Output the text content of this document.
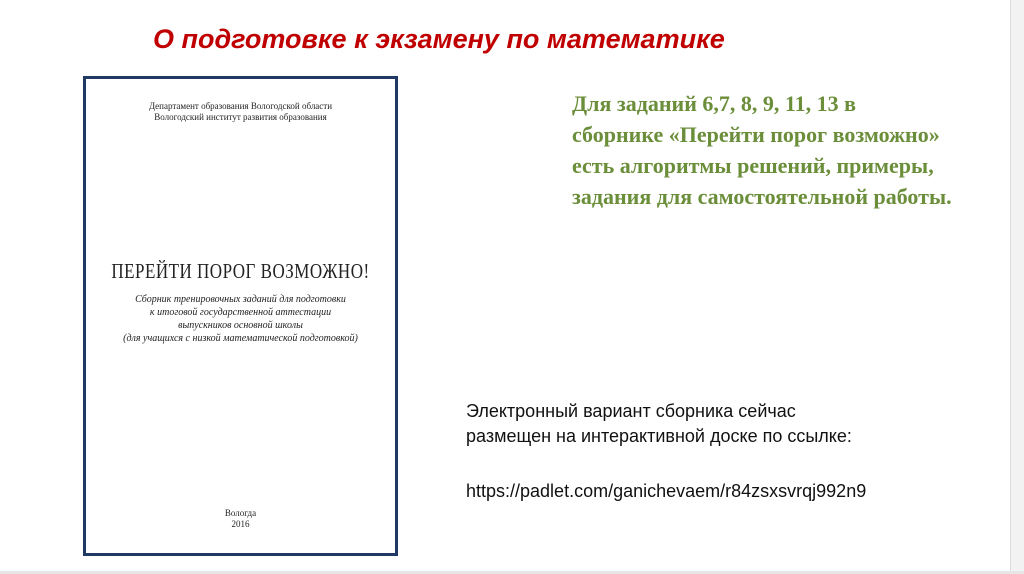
О подготовке к экзамену по математике
Департамент образования Вологодской области
Вологодский институт развития образования
ПЕРЕЙТИ ПОРОГ ВОЗМОЖНО!
Сборник тренировочных заданий для подготовки
к итоговой государственной аттестации
выпускников основной школы
(для учащихся с низкой математической подготовкой)
Вологда
2016

Для заданий 6,7, 8, 9, 11, 13 в сборнике «Перейти порог возможно» есть алгоритмы решений, примеры, задания для самостоятельной работы.

Электронный вариант сборника сейчас
размещен на интерактивной доске по ссылке:
https://padlet.com/ganichevaem/r84zsxsvrqj992n9
